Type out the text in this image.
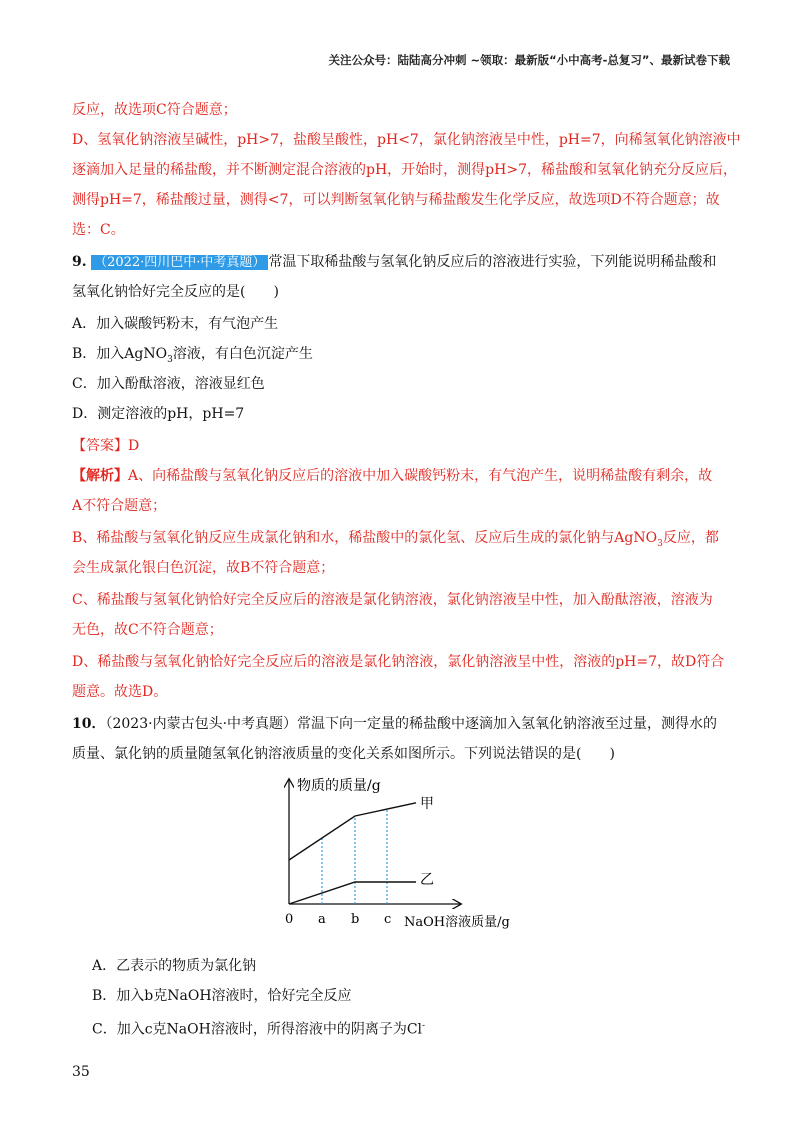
关注公众号：陆陆高分冲刺 ~领取：最新版“小中高考-总复习”、最新试卷下载
反应，故选项C符合题意；
D、氢氧化钠溶液呈碱性，pH>7，盐酸呈酸性，pH<7，氯化钠溶液呈中性，pH=7，向稀氢氧化钠溶液中
逐滴加入足量的稀盐酸，并不断测定混合溶液的pH，开始时，测得pH>7，稀盐酸和氢氧化钠充分反应后，
测得pH=7，稀盐酸过量，测得<7，可以判断氢氧化钠与稀盐酸发生化学反应，故选项D不符合题意；故
选：C。
9. （2022·四川巴中·中考真题） 常温下取稀盐酸与氢氧化钠反应后的溶液进行实验，下列能说明稀盐酸和
氢氧化钠恰好完全反应的是(　　)
A．加入碳酸钙粉末，有气泡产生
B．加入AgNO$_3$溶液，有白色沉淀产生
C．加入酚酞溶液，溶液显红色
D．测定溶液的pH，pH=7
【答案】D
【解析】A、向稀盐酸与氢氧化钠反应后的溶液中加入碳酸钙粉末，有气泡产生，说明稀盐酸有剩余，故
A不符合题意；
B、稀盐酸与氢氧化钠反应生成氯化钠和水，稀盐酸中的氯化氢、反应后生成的氯化钠与AgNO$_3$反应，都
会生成氯化银白色沉淀，故B不符合题意；
C、稀盐酸与氢氧化钠恰好完全反应后的溶液是氯化钠溶液，氯化钠溶液呈中性，加入酚酞溶液，溶液为
无色，故C不符合题意；
D、稀盐酸与氢氧化钠恰好完全反应后的溶液是氯化钠溶液，氯化钠溶液呈中性，溶液的pH=7，故D符合
题意。故选D。
10．（2023·内蒙古包头·中考真题）常温下向一定量的稀盐酸中逐滴加入氢氧化钠溶液至过量，测得水的
质量、氯化钠的质量随氢氧化钠溶液质量的变化关系如图所示。下列说法错误的是(　　)
物质的质量/g
NaOH溶液质量/g
0 a b c
甲
乙
A．乙表示的物质为氯化钠
B．加入b克NaOH溶液时，恰好完全反应
C．加入c克NaOH溶液时，所得溶液中的阴离子为Cl-
35
